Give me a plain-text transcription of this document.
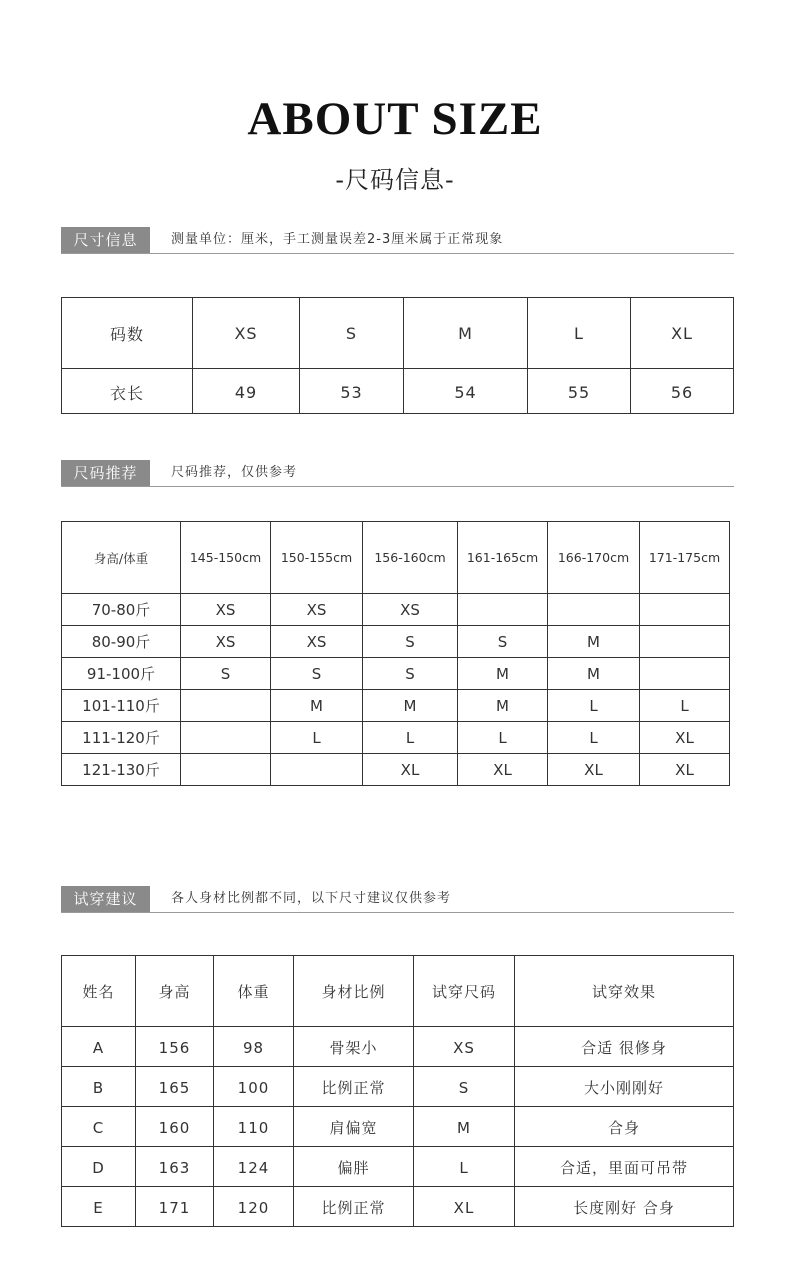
ABOUT SIZE
-尺码信息-
尺寸信息	测量单位：厘米，手工测量误差2-3厘米属于正常现象
码数	XS	S	M	L	XL
衣长	49	53	54	55	56
尺码推荐	尺码推荐，仅供参考
身高/体重	145-150cm	150-155cm	156-160cm	161-165cm	166-170cm	171-175cm
70-80斤	XS	XS	XS			
80-90斤	XS	XS	S	S	M	
91-100斤	S	S	S	M	M	
101-110斤		M	M	M	L	L
111-120斤		L	L	L	L	XL
121-130斤			XL	XL	XL	XL
试穿建议	各人身材比例都不同，以下尺寸建议仅供参考
姓名	身高	体重	身材比例	试穿尺码	试穿效果
A	156	98	骨架小	XS	合适 很修身
B	165	100	比例正常	S	大小刚刚好
C	160	110	肩偏宽	M	合身
D	163	124	偏胖	L	合适，里面可吊带
E	171	120	比例正常	XL	长度刚好 合身
